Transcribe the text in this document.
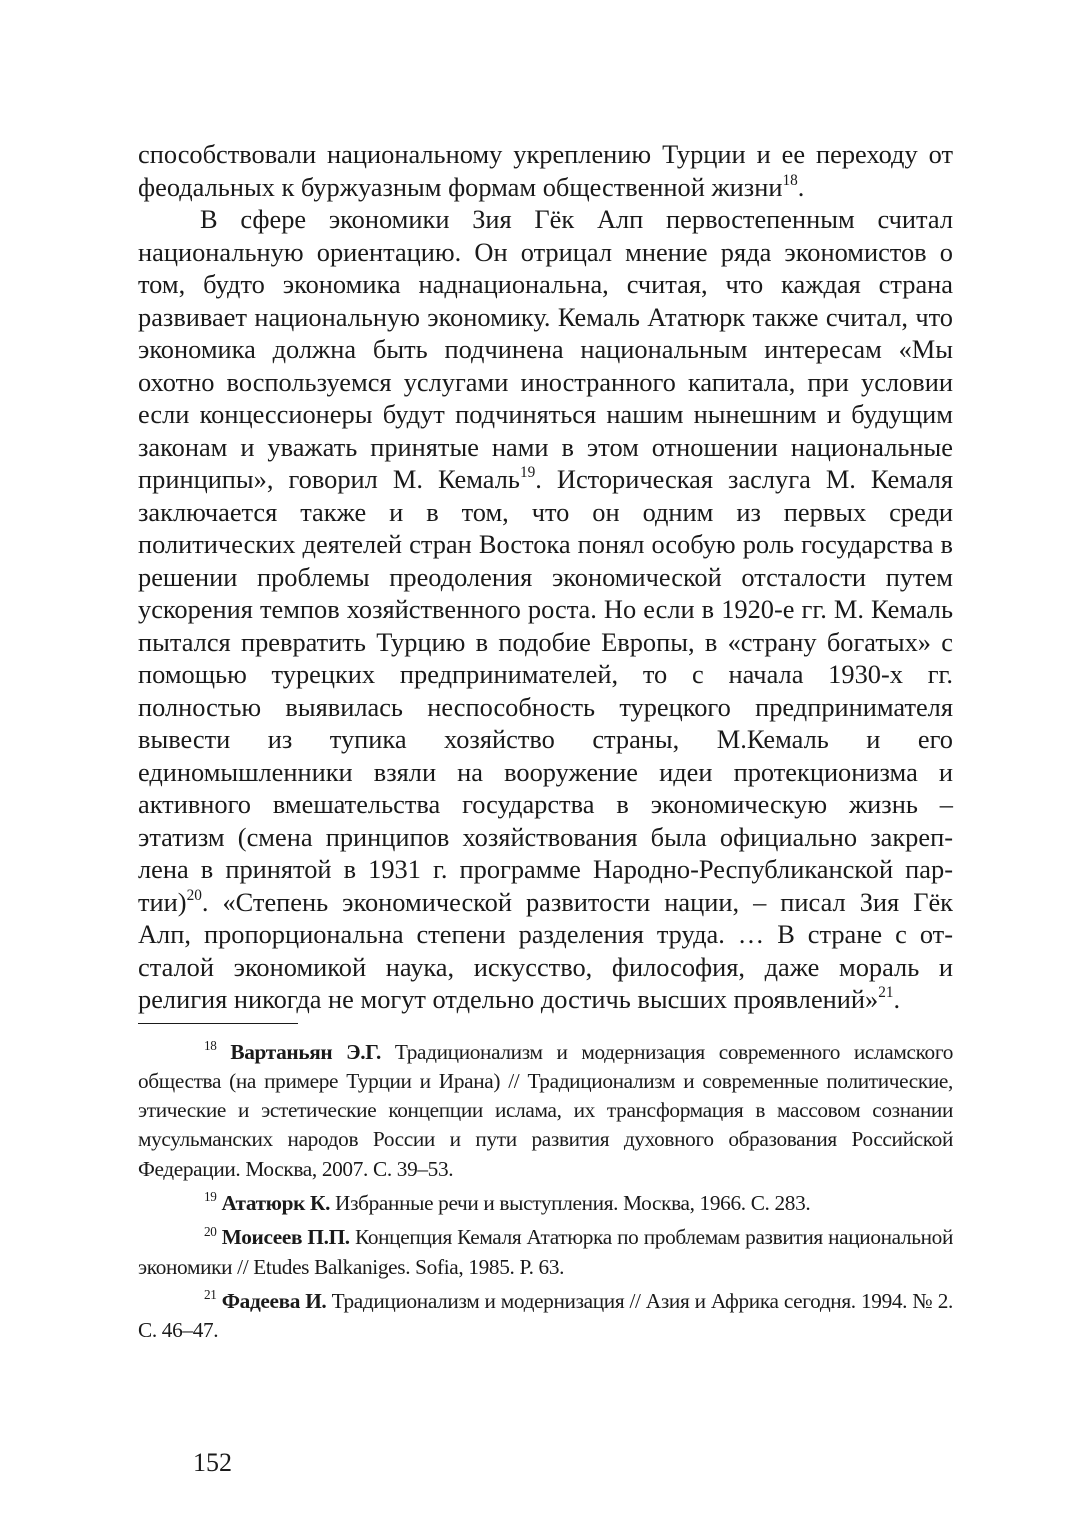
способствовали национальному укреплению Турции и ее переходу от феодальных к буржуазным формам общественной жизни$^{18}$.

В сфере экономики Зия Гёк Алп первостепенным считал национальную ориентацию. Он отрицал мнение ряда экономистов о том, будто экономика наднациональна, считая, что каждая страна развивает национальную экономику. Кемаль Ататюрк также считал, что экономика должна быть подчинена национальным интересам «Мы охотно воспользуемся услугами иностранного капитала, при условии если концессионеры будут подчиняться нашим нынешним и будущим законам и уважать принятые нами в этом отношении национальные принципы», говорил М. Кемаль$^{19}$. Историческая заслуга М. Кемаля заключается также и в том, что он одним из первых среди политических деятелей стран Востока понял особую роль государства в решении проблемы преодоления экономической отсталости путем ускорения темпов хозяйственного роста. Но если в 1920-е гг. М. Кемаль пытался превратить Турцию в подобие Европы, в «страну богатых» с помощью турецких предпринимателей, то с начала 1930-х гг. полностью выявилась неспособность турецкого предпринимателя вывести из тупика хозяйство страны, М.Кемаль и его единомышленники взяли на вооружение идеи протекционизма и активного вмешательства государства в экономическую жизнь – этатизм (смена принципов хозяйствования была официально закреплена в принятой в 1931 г. программе Народно-Республиканской партии)$^{20}$. «Степень экономической развитости нации, – писал Зия Гёк Алп, пропорциональна степени разделения труда. … В стране с отсталой экономикой наука, искусство, философия, даже мораль и религия никогда не могут отдельно достичь высших проявлений»$^{21}$.

$^{18}$ Вартаньян Э.Г. Традиционализм и модернизация современного исламского общества (на примере Турции и Ирана) // Традиционализм и современные политические, этические и эстетические концепции ислама, их трансформация в массовом сознании мусульманских народов России и пути развития духовного образования Российской Федерации. Москва, 2007. С. 39–53.

$^{19}$ Ататюрк К. Избранные речи и выступления. Москва, 1966. С. 283.

$^{20}$ Моисеев П.П. Концепция Кемаля Ататюрка по проблемам развития национальной экономики // Etudes Balkaniges. Sofia, 1985. P. 63.

$^{21}$ Фадеева И. Традиционализм и модернизация // Азия и Африка сегодня. 1994. № 2. С. 46–47.

152
